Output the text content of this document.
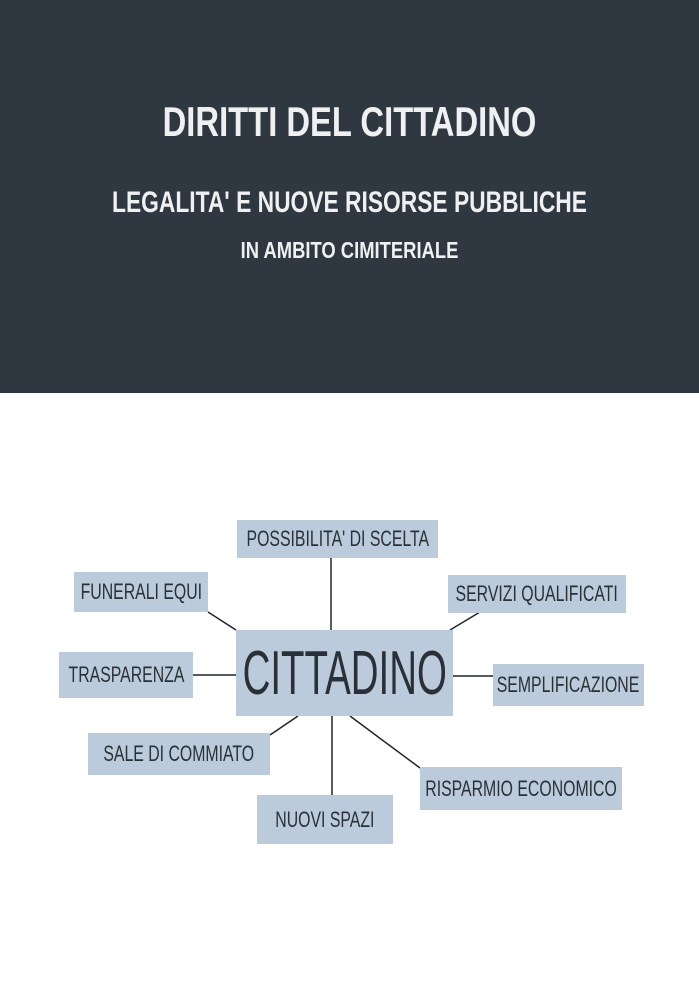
DIRITTI DEL CITTADINO
LEGALITA' E NUOVE RISORSE PUBBLICHE
IN AMBITO CIMITERIALE
POSSIBILITA' DI SCELTA
FUNERALI EQUI	SERVIZI QUALIFICATI
TRASPARENZA CITTADINO SEMPLIFICAZIONE
SALE DI COMMIATO
RISPARMIO ECONOMICO
NUOVI SPAZI
